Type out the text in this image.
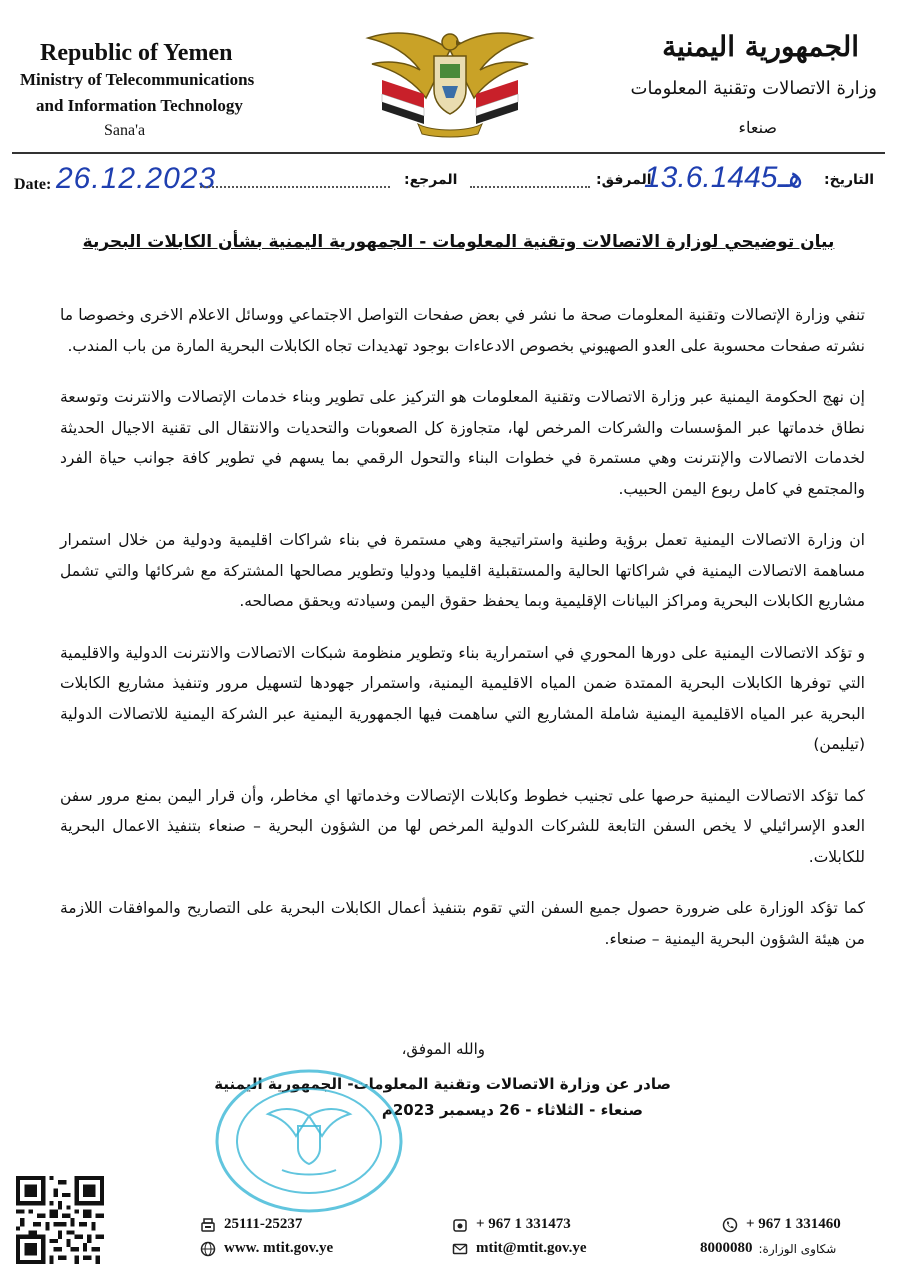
Republic of Yemen
Ministry of Telecommunications
and Information Technology
Sana'a
الجمهورية اليمنية
وزارة الاتصالات وتقنية المعلومات
صنعاء
Date: 26.12.2023	المرجع:	المرفق:
13.6.1445هـ التاريخ:
بيان توضيحي لوزارة الاتصالات وتقنية المعلومات - الجمهورية اليمنية بشأن الكابلات البحرية

تنفي وزارة الإتصالات وتقنية المعلومات صحة ما نشر في بعض صفحات التواصل الاجتماعي ووسائل الاعلام الاخرى وخصوصا ما نشرته صفحات محسوبة على العدو الصهيوني بخصوص الادعاءات بوجود تهديدات تجاه الكابلات البحرية المارة من باب المندب.

إن نهج الحكومة اليمنية عبر وزارة الاتصالات وتقنية المعلومات هو التركيز على تطوير وبناء خدمات الإتصالات والانترنت وتوسعة نطاق خدماتها عبر المؤسسات والشركات المرخص لها، متجاوزة كل الصعوبات والتحديات والانتقال الى تقنية الاجيال الحديثة لخدمات الاتصالات والإنترنت وهي مستمرة في خطوات البناء والتحول الرقمي بما يسهم في تطوير كافة جوانب حياة الفرد والمجتمع في كامل ربوع اليمن الحبيب.

ان وزارة الاتصالات اليمنية تعمل برؤية وطنية واستراتيجية وهي مستمرة في بناء شراكات اقليمية ودولية من خلال استمرار مساهمة الاتصالات اليمنية في شراكاتها الحالية والمستقبلية اقليميا ودوليا وتطوير مصالحها المشتركة مع شركائها والتي تشمل مشاريع الكابلات البحرية ومراكز البيانات الإقليمية وبما يحفظ حقوق اليمن وسيادته ويحقق مصالحه.

و تؤكد الاتصالات اليمنية على دورها المحوري في استمرارية بناء وتطوير منظومة شبكات الاتصالات والانترنت الدولية والاقليمية التي توفرها الكابلات البحرية الممتدة ضمن المياه الاقليمية اليمنية، واستمرار جهودها لتسهيل مرور وتنفيذ مشاريع الكابلات البحرية عبر المياه الاقليمية اليمنية شاملة المشاريع التي ساهمت فيها الجمهورية اليمنية عبر الشركة اليمنية للاتصالات الدولية (تيليمن)

كما تؤكد الاتصالات اليمنية حرصها على تجنيب خطوط وكابلات الإتصالات وخدماتها اي مخاطر، وأن قرار اليمن بمنع مرور سفن العدو الإسرائيلي لا يخص السفن التابعة للشركات الدولية المرخص لها من الشؤون البحرية – صنعاء بتنفيذ الاعمال البحرية للكابلات.

كما تؤكد الوزارة على ضرورة حصول جميع السفن التي تقوم بتنفيذ أعمال الكابلات البحرية على التصاريح والموافقات اللازمة من هيئة الشؤون البحرية اليمنية – صنعاء.

والله الموفق،
صادر عن وزارة الاتصالات وتقنية المعلومات- الجمهورية اليمنية
صنعاء - الثلاثاء - 26 ديسمبر 2023م
25111-25237
www. mtit.gov.ye
+ 967 1 331473
mtit@mtit.gov.ye
+ 967 1 331460
8000080 شكاوى الوزارة:
